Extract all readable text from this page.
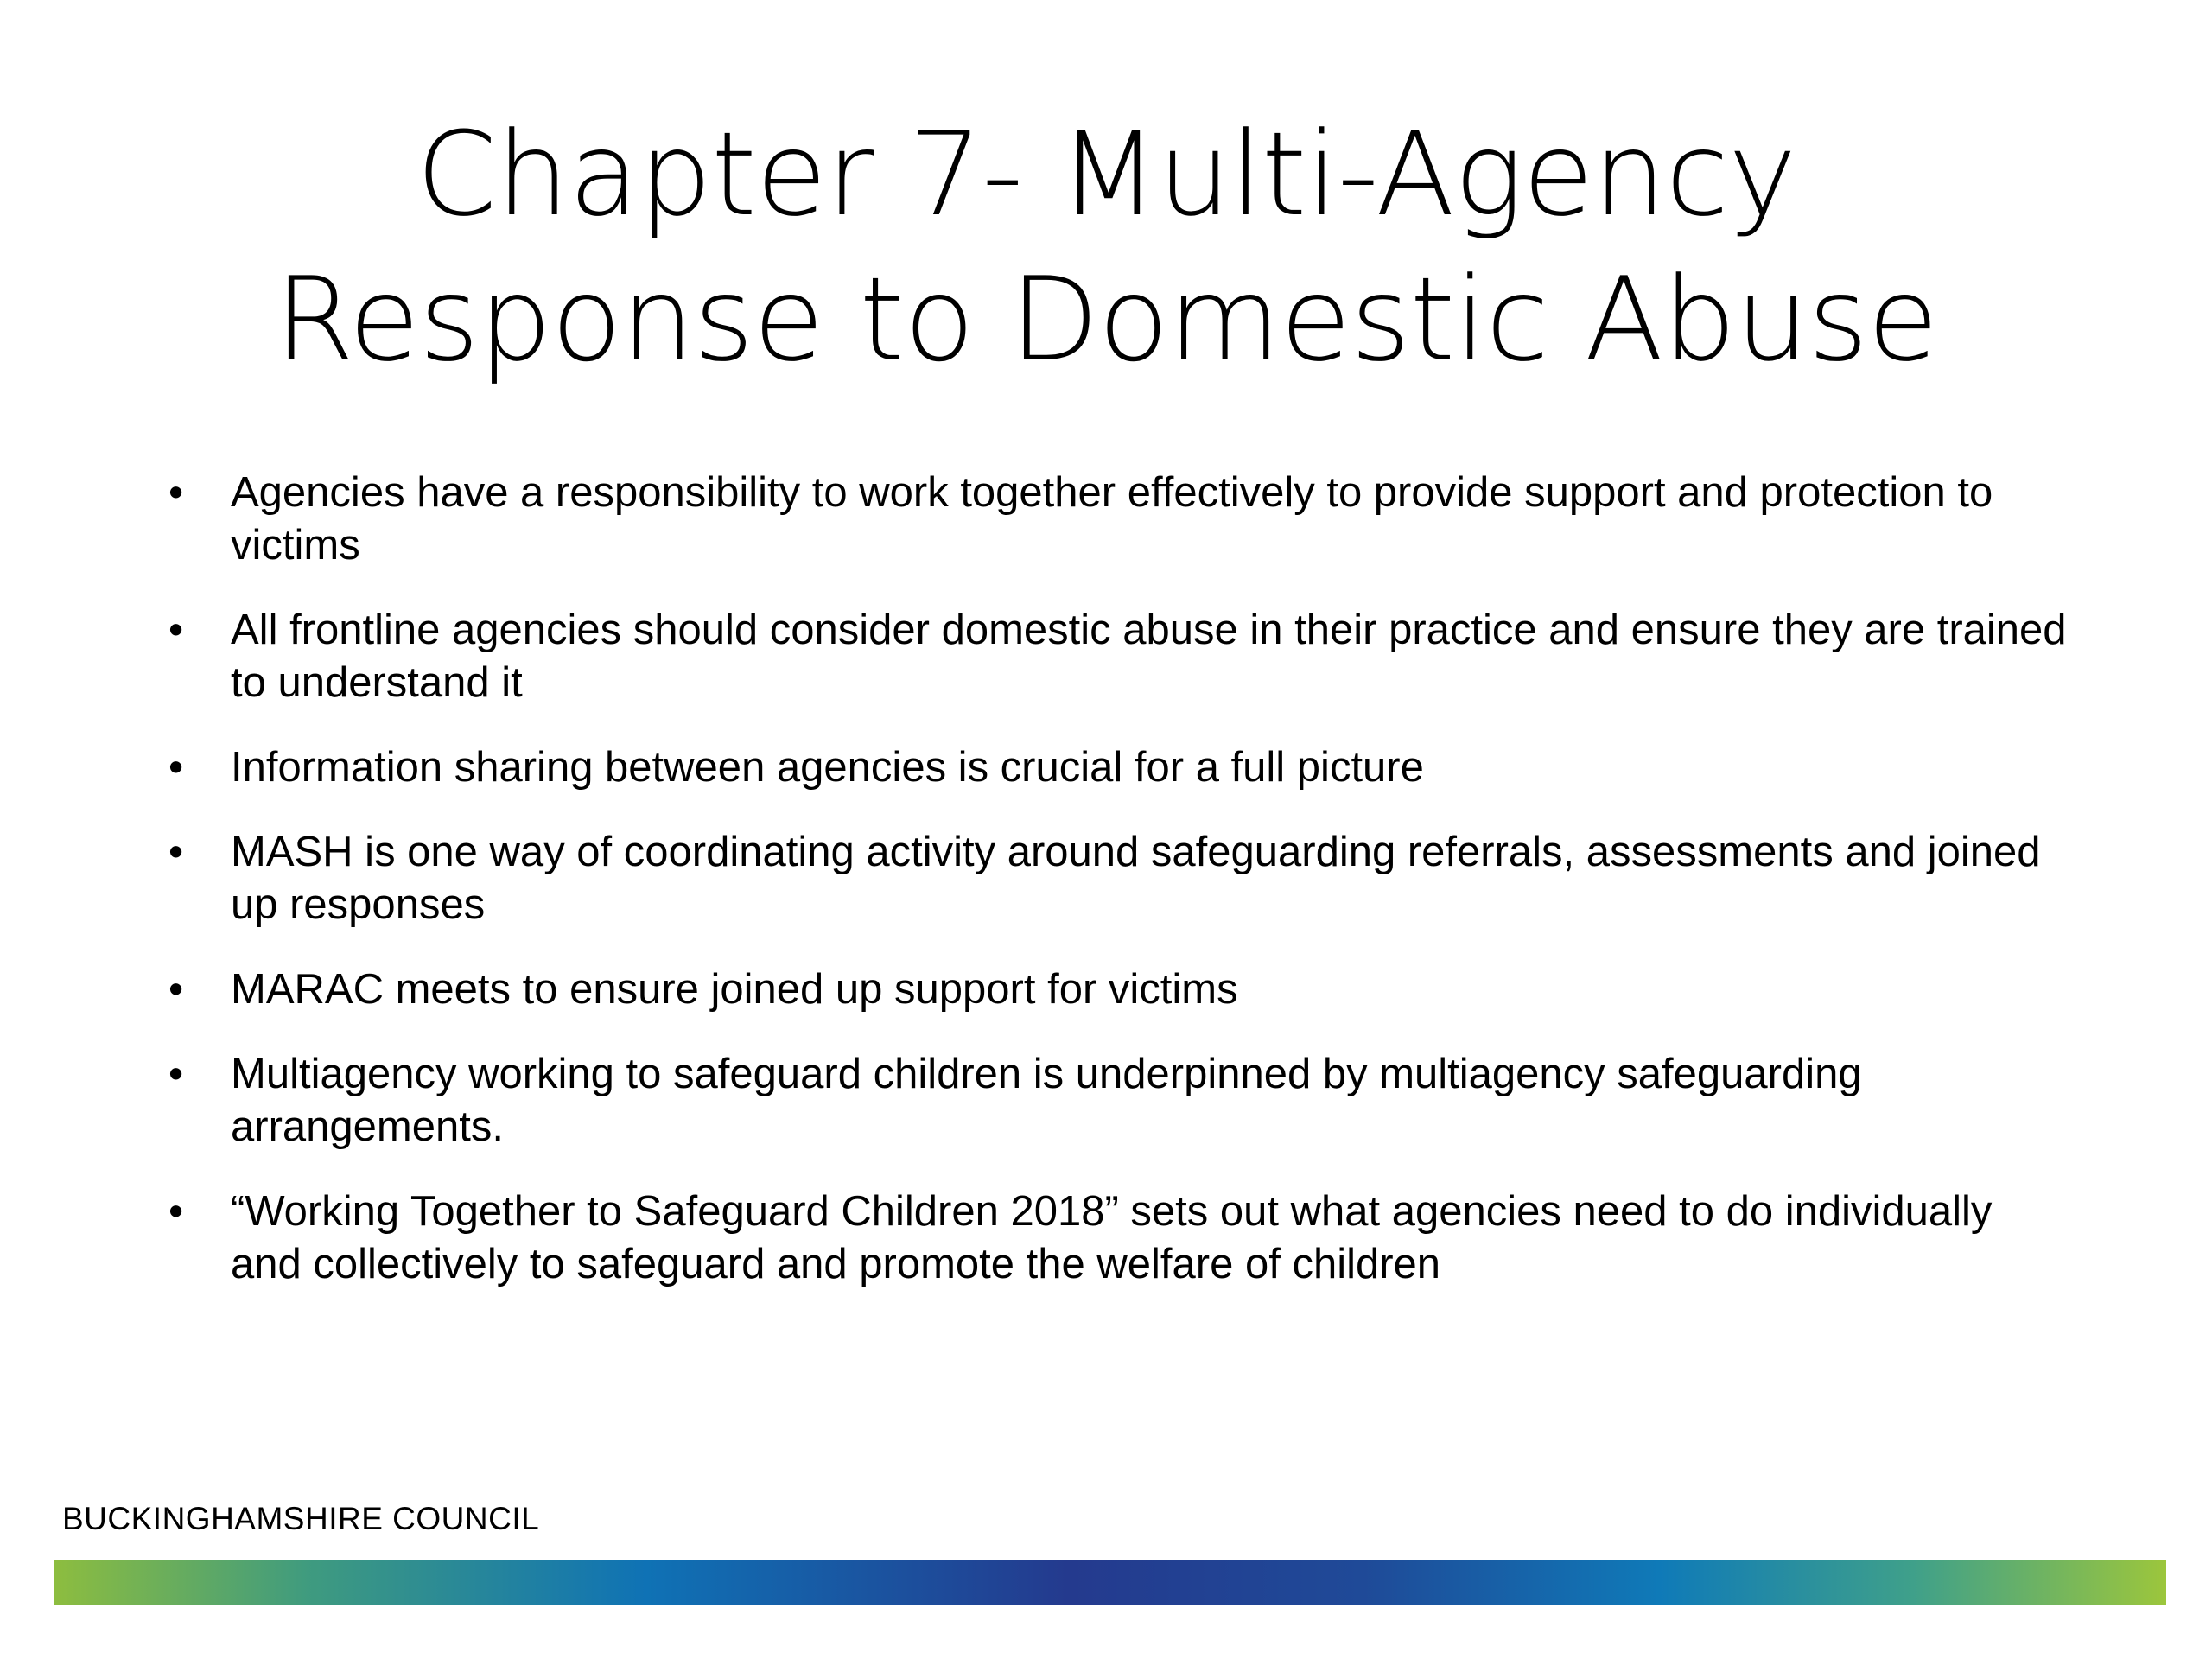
Chapter 7- Multi-Agency
Response to Domestic Abuse
• Agencies have a responsibility to work together effectively to provide support and protection to victims
• All frontline agencies should consider domestic abuse in their practice and ensure they are trained to understand it
• Information sharing between agencies is crucial for a full picture
• MASH is one way of coordinating activity around safeguarding referrals, assessments and joined up responses
• MARAC meets to ensure joined up support for victims
• Multiagency working to safeguard children is underpinned by multiagency safeguarding arrangements.
• “Working Together to Safeguard Children 2018” sets out what agencies need to do individually and collectively to safeguard and promote the welfare of children
BUCKINGHAMSHIRE COUNCIL
